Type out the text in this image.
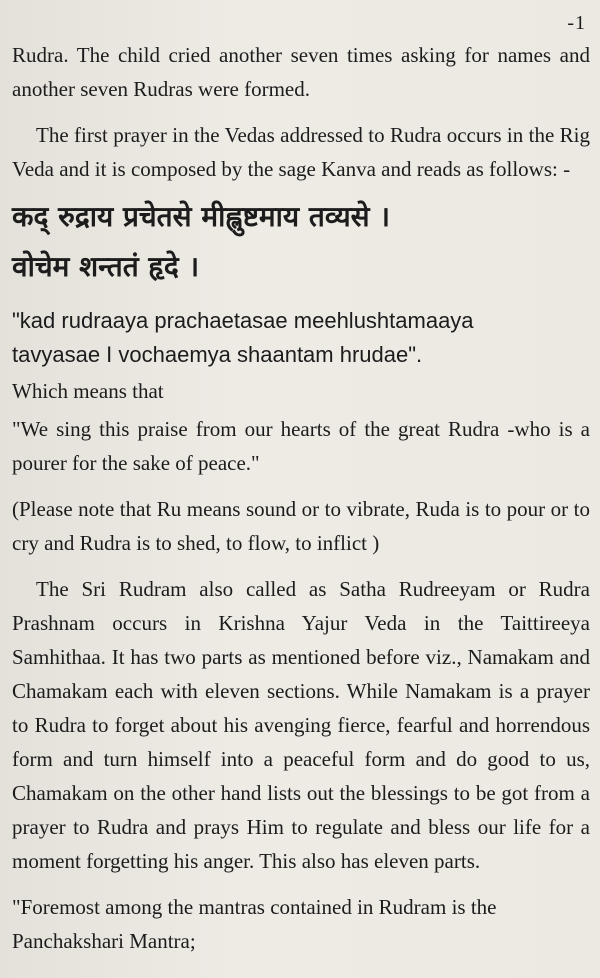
-1

Rudra. The child cried another seven times asking for names and another seven Rudras were formed.

The first prayer in the Vedas addressed to Rudra occurs in the Rig Veda and it is composed by the sage Kanva and reads as follows: -

कद् रुद्राय प्रचेतसे मीह्लुष्टमाय तव्यसे ।

वोचेम शन्ततं हृदे ।

"kad rudraaya prachaetasae meehlushtamaaya

tavyasae I vochaemya shaantam hrudae".

Which means that

"We sing this praise from our hearts of the great Rudra -who is a pourer for the sake of peace."

(Please note that Ru means sound or to vibrate, Ruda is to pour or to cry and Rudra is to shed, to flow, to inflict )

The Sri Rudram also called as Satha Rudreeyam or Rudra Prashnam occurs in Krishna Yajur Veda in the Taittireeya Samhithaa. It has two parts as mentioned before viz., Namakam and Chamakam each with eleven sections. While Namakam is a prayer to Rudra to forget about his avenging fierce, fearful and horrendous form and turn himself into a peaceful form and do good to us, Chamakam on the other hand lists out the blessings to be got from a prayer to Rudra and prays Him to regulate and bless our life for a moment forgetting his anger. This also has eleven parts.

"Foremost among the mantras contained in Rudram is the

Panchakshari Mantra;
